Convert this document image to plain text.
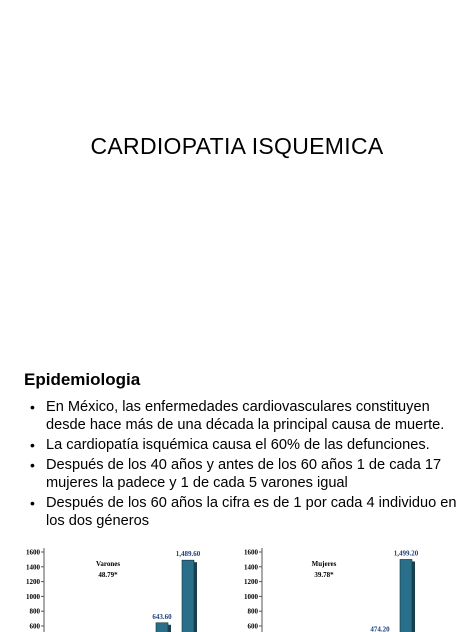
CARDIOPATIA ISQUEMICA
Epidemiologia
• En México, las enfermedades cardiovasculares constituyen desde hace más de una década la principal causa de muerte.
• La cardiopatía isquémica causa el 60% de las defunciones.
• Después de los 40 años y antes de los 60 años 1 de cada 17 mujeres la padece y 1 de cada 5 varones igual
• Después de los 60 años la cifra es de 1 por cada 4 individuo en los dos géneros
1600
1400
1200
1000
800
600
Varones
48.79*
643.60
1,489.60	1600
1400
1200
1000
800
600
Mujeres
39.78*
474.20
1,499.20
